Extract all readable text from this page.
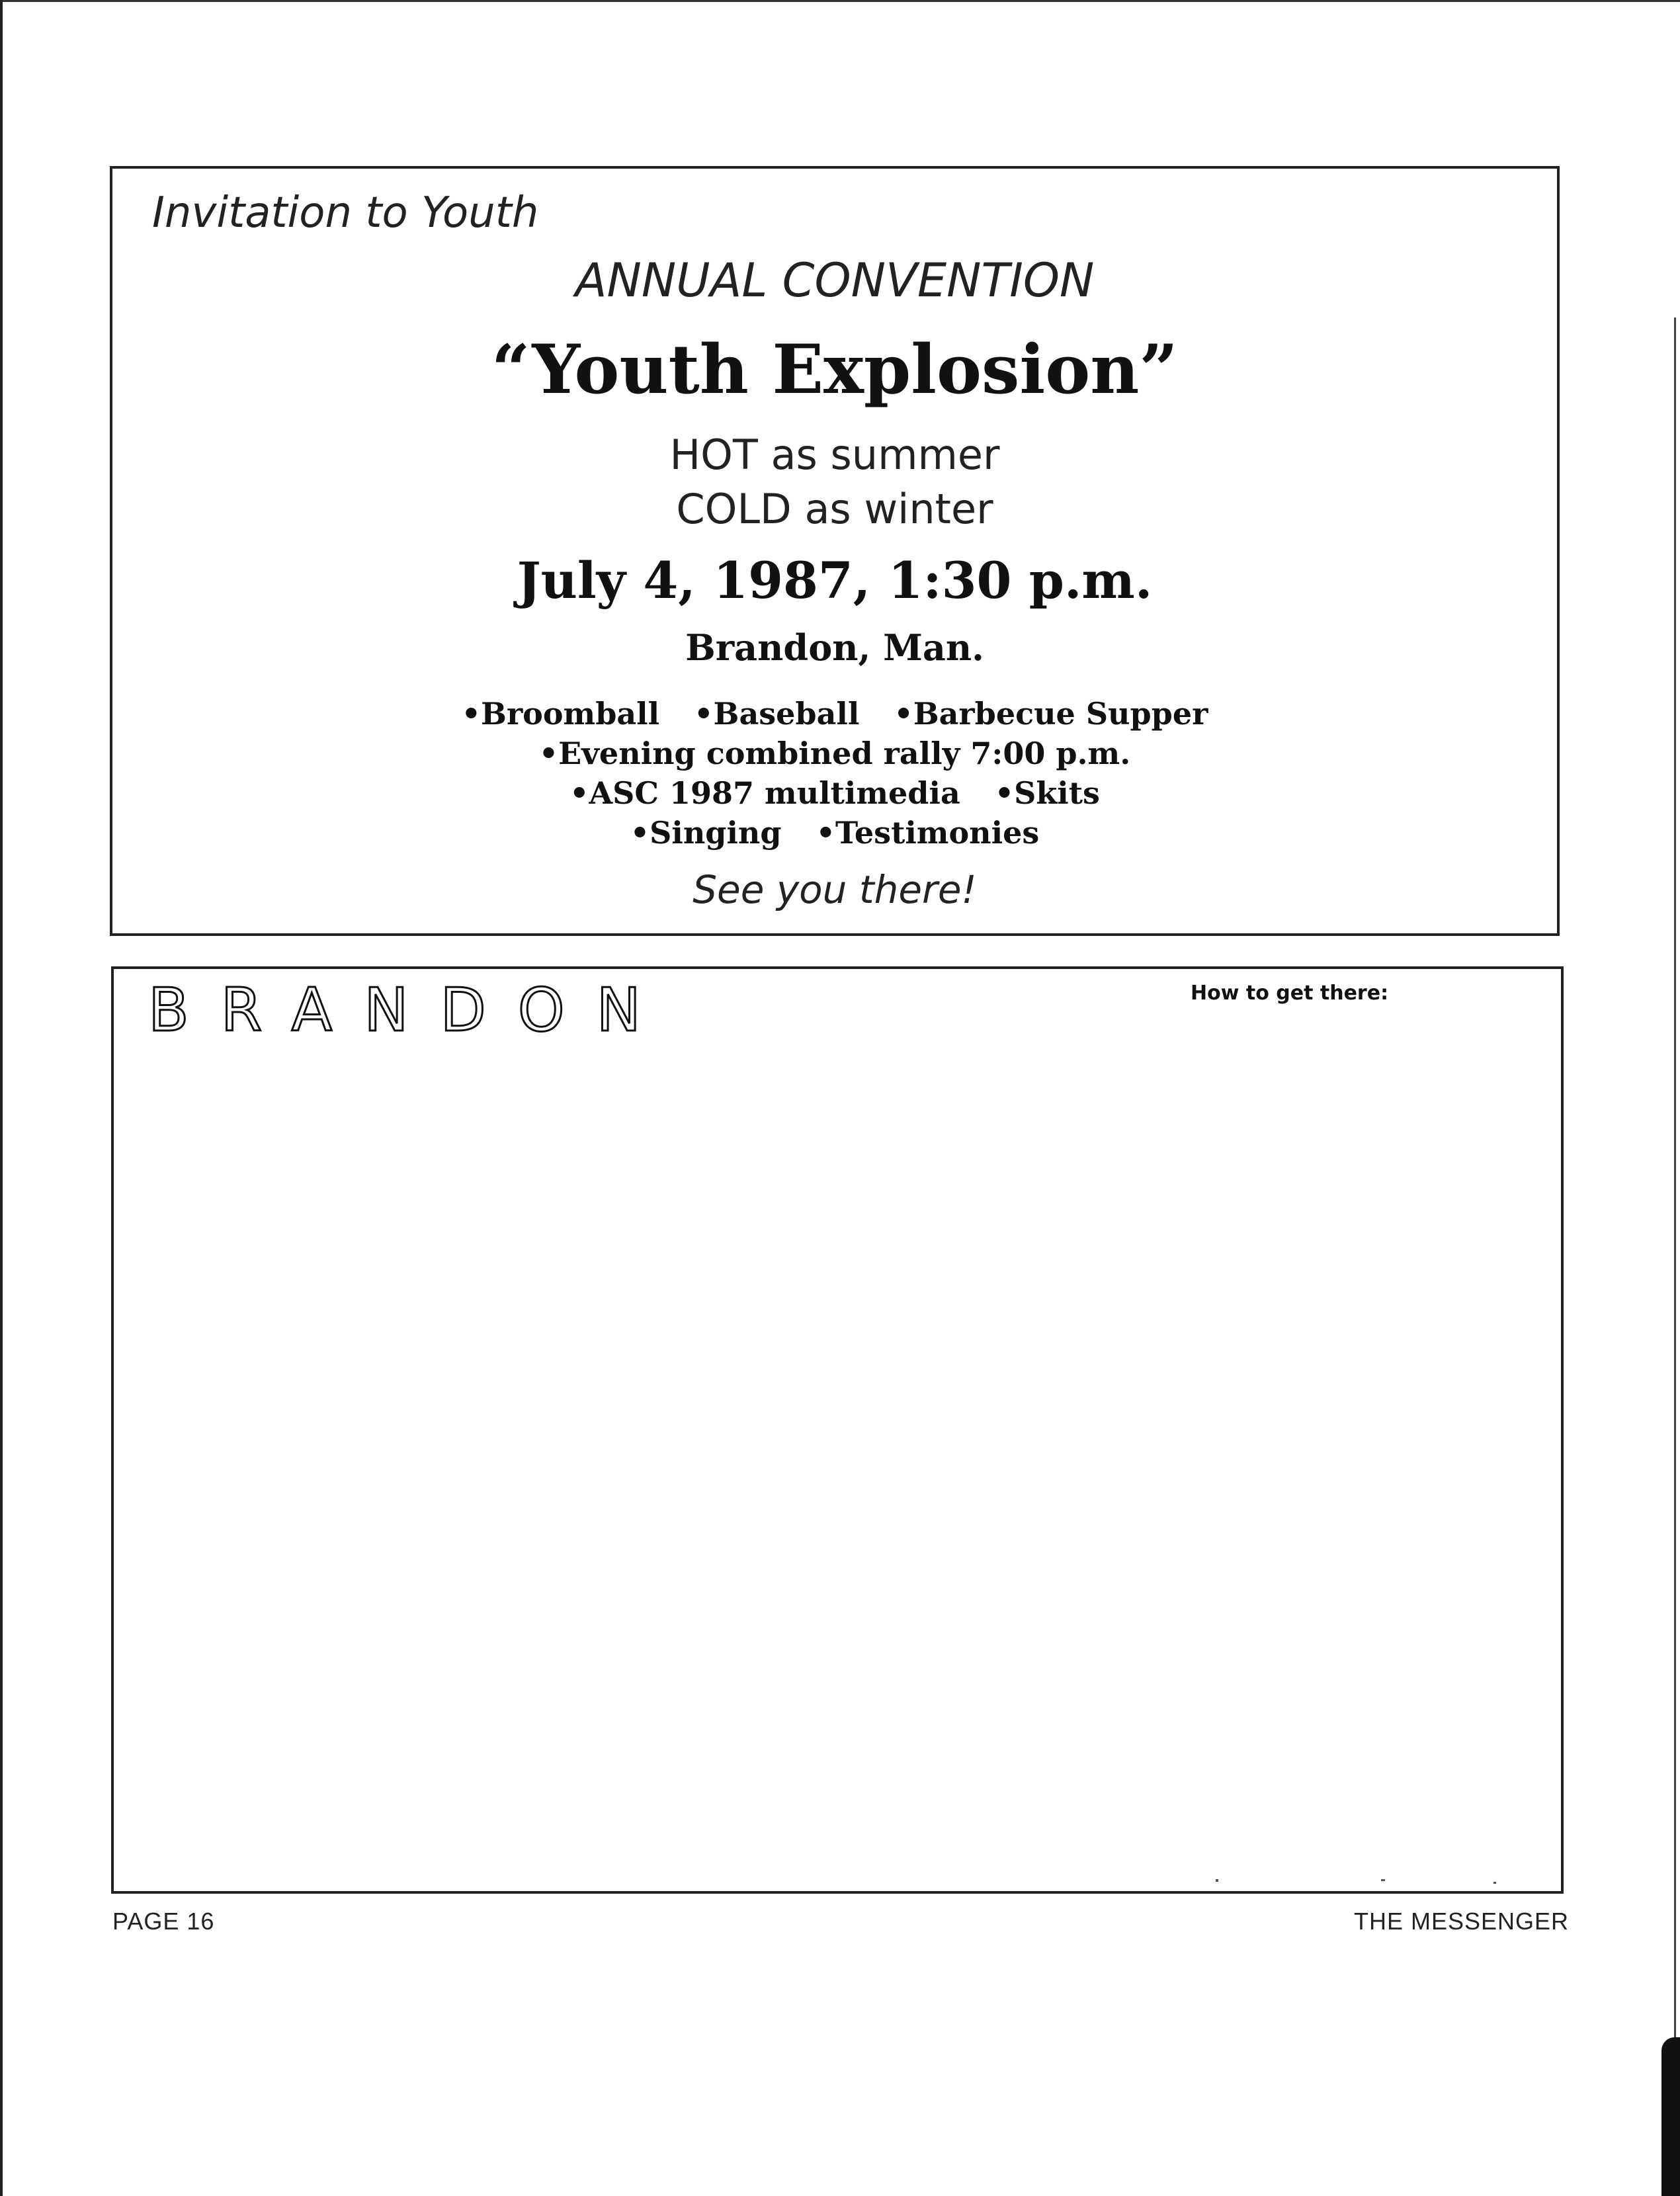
Invitation to Youth

ANNUAL CONVENTION

“Youth Explosion”

HOT as summer

COLD as winter

July 4, 1987, 1:30 p.m.

Brandon, Man.

•Broomball •Baseball •Barbecue Supper
•Evening combined rally 7:00 p.m.
•ASC 1987 multimedia •Skits
•Singing •Testimonies

See you there!

BRANDON	How to get there:

PAGE 16	THE MESSENGER
